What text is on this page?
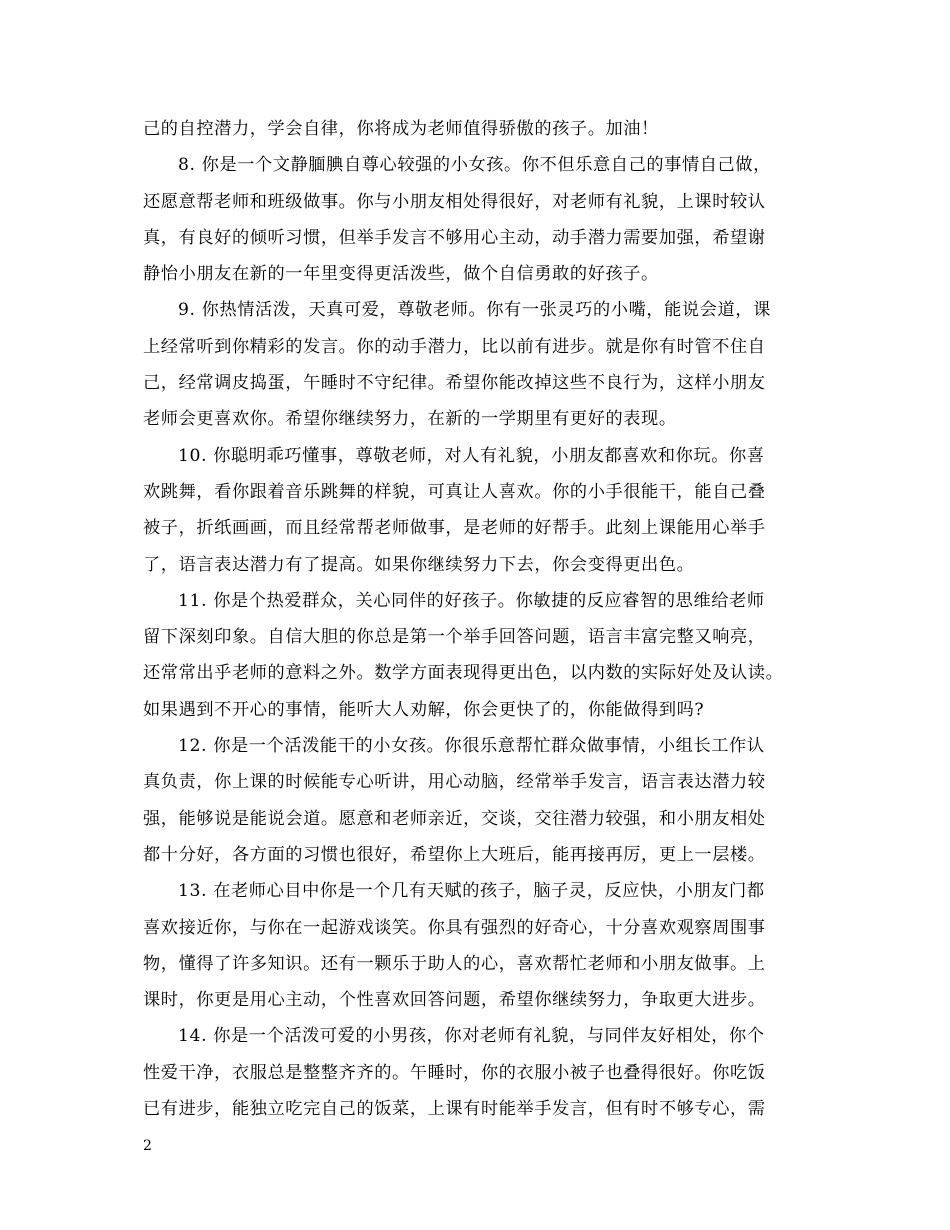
己的自控潜力，学会自律，你将成为老师值得骄傲的孩子。加油！

8. 你是一个文静腼腆自尊心较强的小女孩。你不但乐意自己的事情自己做，
还愿意帮老师和班级做事。你与小朋友相处得很好，对老师有礼貌，上课时较认
真，有良好的倾听习惯，但举手发言不够用心主动，动手潜力需要加强，希望谢
静怡小朋友在新的一年里变得更活泼些，做个自信勇敢的好孩子。

9. 你热情活泼，天真可爱，尊敬老师。你有一张灵巧的小嘴，能说会道，课
上经常听到你精彩的发言。你的动手潜力，比以前有进步。就是你有时管不住自
己，经常调皮捣蛋，午睡时不守纪律。希望你能改掉这些不良行为，这样小朋友
老师会更喜欢你。希望你继续努力，在新的一学期里有更好的表现。

10. 你聪明乖巧懂事，尊敬老师，对人有礼貌，小朋友都喜欢和你玩。你喜
欢跳舞，看你跟着音乐跳舞的样貌，可真让人喜欢。你的小手很能干，能自己叠
被子，折纸画画，而且经常帮老师做事，是老师的好帮手。此刻上课能用心举手
了，语言表达潜力有了提高。如果你继续努力下去，你会变得更出色。

11. 你是个热爱群众，关心同伴的好孩子。你敏捷的反应睿智的思维给老师
留下深刻印象。自信大胆的你总是第一个举手回答问题，语言丰富完整又响亮，
还常常出乎老师的意料之外。数学方面表现得更出色，以内数的实际好处及认读。
如果遇到不开心的事情，能听大人劝解，你会更快了的，你能做得到吗?

12. 你是一个活泼能干的小女孩。你很乐意帮忙群众做事情，小组长工作认
真负责，你上课的时候能专心听讲，用心动脑，经常举手发言，语言表达潜力较
强，能够说是能说会道。愿意和老师亲近，交谈，交往潜力较强，和小朋友相处
都十分好，各方面的习惯也很好，希望你上大班后，能再接再厉，更上一层楼。

13. 在老师心目中你是一个几有天赋的孩子，脑子灵，反应快，小朋友门都
喜欢接近你，与你在一起游戏谈笑。你具有强烈的好奇心，十分喜欢观察周围事
物，懂得了许多知识。还有一颗乐于助人的心，喜欢帮忙老师和小朋友做事。上
课时，你更是用心主动，个性喜欢回答问题，希望你继续努力，争取更大进步。

14. 你是一个活泼可爱的小男孩，你对老师有礼貌，与同伴友好相处，你个
性爱干净，衣服总是整整齐齐的。午睡时，你的衣服小被子也叠得很好。你吃饭
已有进步，能独立吃完自己的饭菜，上课有时能举手发言，但有时不够专心，需

2
